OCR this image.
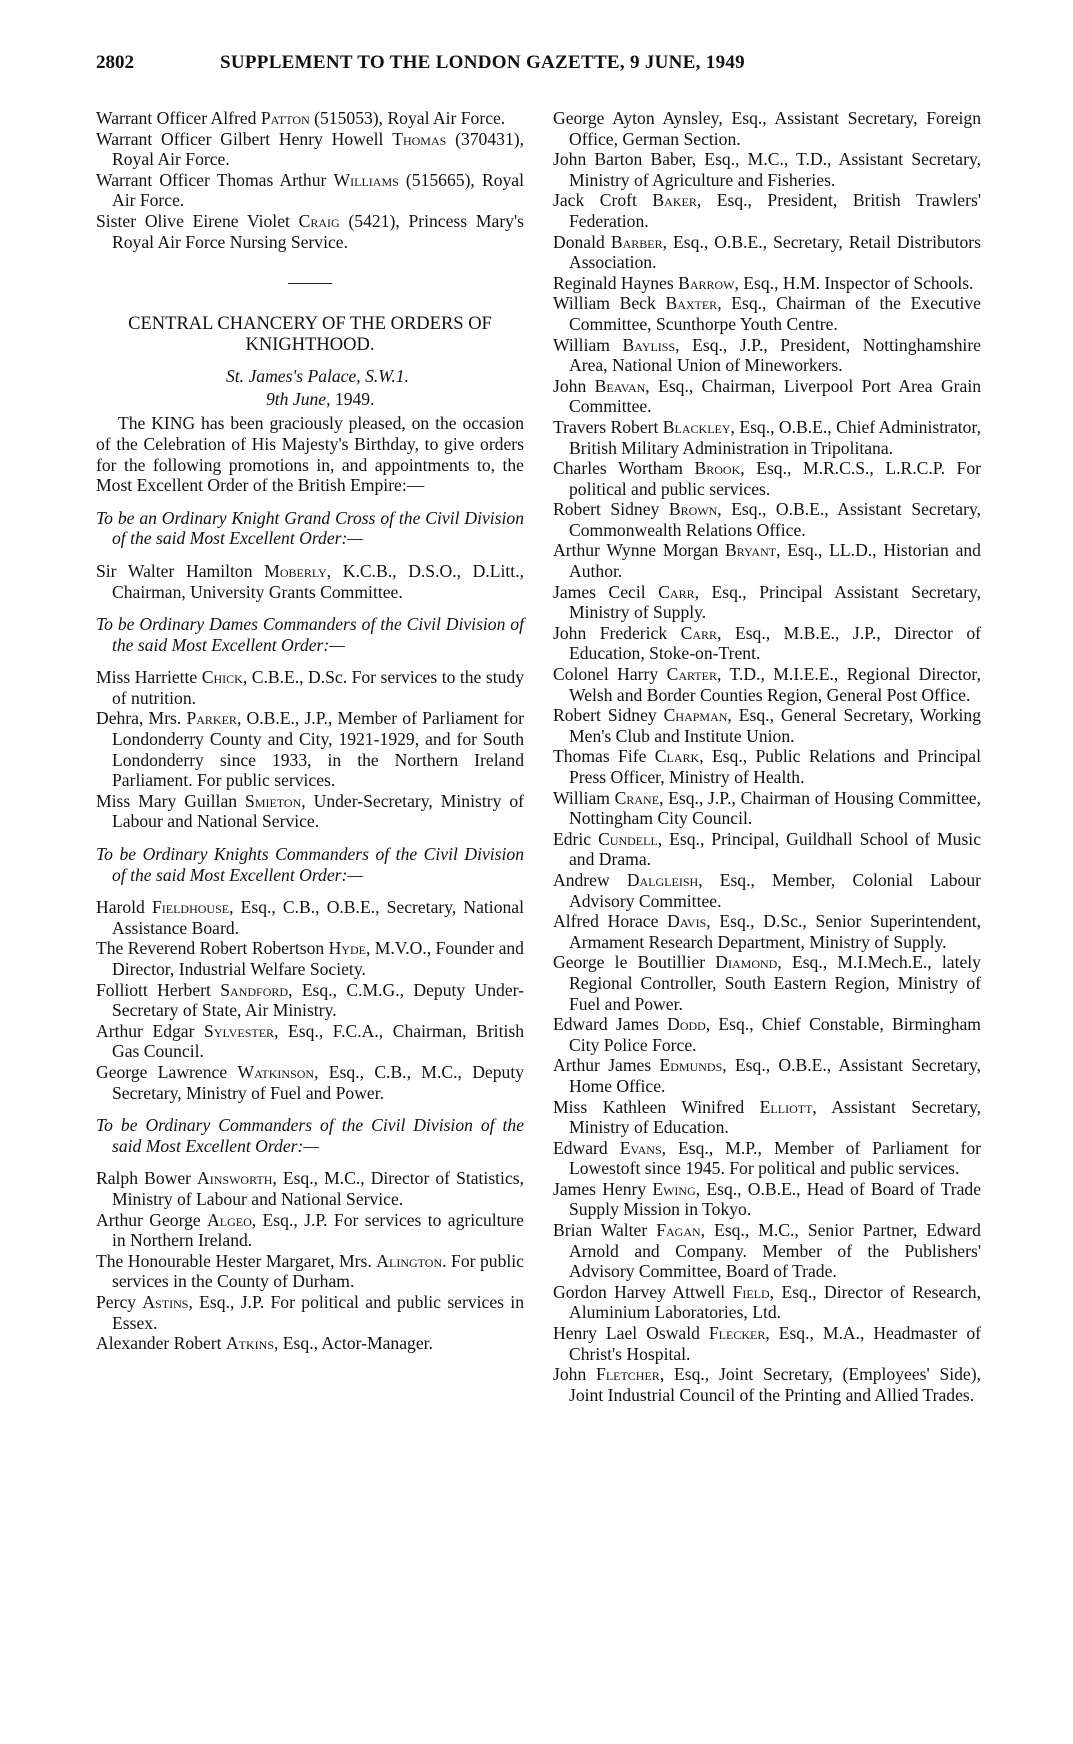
2802	SUPPLEMENT TO THE LONDON GAZETTE, 9 JUNE, 1949

Warrant Officer Alfred Patton (515053), Royal Air Force.

Warrant Officer Gilbert Henry Howell Thomas (370431), Royal Air Force.

Warrant Officer Thomas Arthur Williams (515665), Royal Air Force.

Sister Olive Eirene Violet Craig (5421), Princess Mary's Royal Air Force Nursing Service.

CENTRAL CHANCERY OF THE ORDERS OF KNIGHTHOOD.
St. James's Palace, S.W.1.
9th June, 1949.

The KING has been graciously pleased, on the occasion of the Celebration of His Majesty's Birthday, to give orders for the following promotions in, and appointments to, the Most Excellent Order of the British Empire:—

To be an Ordinary Knight Grand Cross of the Civil Division of the said Most Excellent Order:—

Sir Walter Hamilton Moberly, K.C.B., D.S.O., D.Litt., Chairman, University Grants Committee.

To be Ordinary Dames Commanders of the Civil Division of the said Most Excellent Order:—

Miss Harriette Chick, C.B.E., D.Sc. For services to the study of nutrition.

Dehra, Mrs. Parker, O.B.E., J.P., Member of Parliament for Londonderry County and City, 1921-1929, and for South Londonderry since 1933, in the Northern Ireland Parliament. For public services.

Miss Mary Guillan Smieton, Under-Secretary, Ministry of Labour and National Service.

To be Ordinary Knights Commanders of the Civil Division of the said Most Excellent Order:—

Harold Fieldhouse, Esq., C.B., O.B.E., Secretary, National Assistance Board.

The Reverend Robert Robertson Hyde, M.V.O., Founder and Director, Industrial Welfare Society.

Folliott Herbert Sandford, Esq., C.M.G., Deputy Under-Secretary of State, Air Ministry.

Arthur Edgar Sylvester, Esq., F.C.A., Chairman, British Gas Council.

George Lawrence Watkinson, Esq., C.B., M.C., Deputy Secretary, Ministry of Fuel and Power.

To be Ordinary Commanders of the Civil Division of the said Most Excellent Order:—

Ralph Bower Ainsworth, Esq., M.C., Director of Statistics, Ministry of Labour and National Service.

Arthur George Algeo, Esq., J.P. For services to agriculture in Northern Ireland.

The Honourable Hester Margaret, Mrs. Alington. For public services in the County of Durham.

Percy Astins, Esq., J.P. For political and public services in Essex.

Alexander Robert Atkins, Esq., Actor-Manager.

George Ayton Aynsley, Esq., Assistant Secretary, Foreign Office, German Section.

John Barton Baber, Esq., M.C., T.D., Assistant Secretary, Ministry of Agriculture and Fisheries.

Jack Croft Baker, Esq., President, British Trawlers' Federation.

Donald Barber, Esq., O.B.E., Secretary, Retail Distributors Association.

Reginald Haynes Barrow, Esq., H.M. Inspector of Schools.

William Beck Baxter, Esq., Chairman of the Executive Committee, Scunthorpe Youth Centre.

William Bayliss, Esq., J.P., President, Nottinghamshire Area, National Union of Mineworkers.

John Beavan, Esq., Chairman, Liverpool Port Area Grain Committee.

Travers Robert Blackley, Esq., O.B.E., Chief Administrator, British Military Administration in Tripolitana.

Charles Wortham Brook, Esq., M.R.C.S., L.R.C.P. For political and public services.

Robert Sidney Brown, Esq., O.B.E., Assistant Secretary, Commonwealth Relations Office.

Arthur Wynne Morgan Bryant, Esq., LL.D., Historian and Author.

James Cecil Carr, Esq., Principal Assistant Secretary, Ministry of Supply.

John Frederick Carr, Esq., M.B.E., J.P., Director of Education, Stoke-on-Trent.

Colonel Harry Carter, T.D., M.I.E.E., Regional Director, Welsh and Border Counties Region, General Post Office.

Robert Sidney Chapman, Esq., General Secretary, Working Men's Club and Institute Union.

Thomas Fife Clark, Esq., Public Relations and Principal Press Officer, Ministry of Health.

William Crane, Esq., J.P., Chairman of Housing Committee, Nottingham City Council.

Edric Cundell, Esq., Principal, Guildhall School of Music and Drama.

Andrew Dalgleish, Esq., Member, Colonial Labour Advisory Committee.

Alfred Horace Davis, Esq., D.Sc., Senior Superintendent, Armament Research Department, Ministry of Supply.

George le Boutillier Diamond, Esq., M.I.Mech.E., lately Regional Controller, South Eastern Region, Ministry of Fuel and Power.

Edward James Dodd, Esq., Chief Constable, Birmingham City Police Force.

Arthur James Edmunds, Esq., O.B.E., Assistant Secretary, Home Office.

Miss Kathleen Winifred Elliott, Assistant Secretary, Ministry of Education.

Edward Evans, Esq., M.P., Member of Parliament for Lowestoft since 1945. For political and public services.

James Henry Ewing, Esq., O.B.E., Head of Board of Trade Supply Mission in Tokyo.

Brian Walter Fagan, Esq., M.C., Senior Partner, Edward Arnold and Company. Member of the Publishers' Advisory Committee, Board of Trade.

Gordon Harvey Attwell Field, Esq., Director of Research, Aluminium Laboratories, Ltd.

Henry Lael Oswald Flecker, Esq., M.A., Headmaster of Christ's Hospital.

John Fletcher, Esq., Joint Secretary, (Employees' Side), Joint Industrial Council of the Printing and Allied Trades.
